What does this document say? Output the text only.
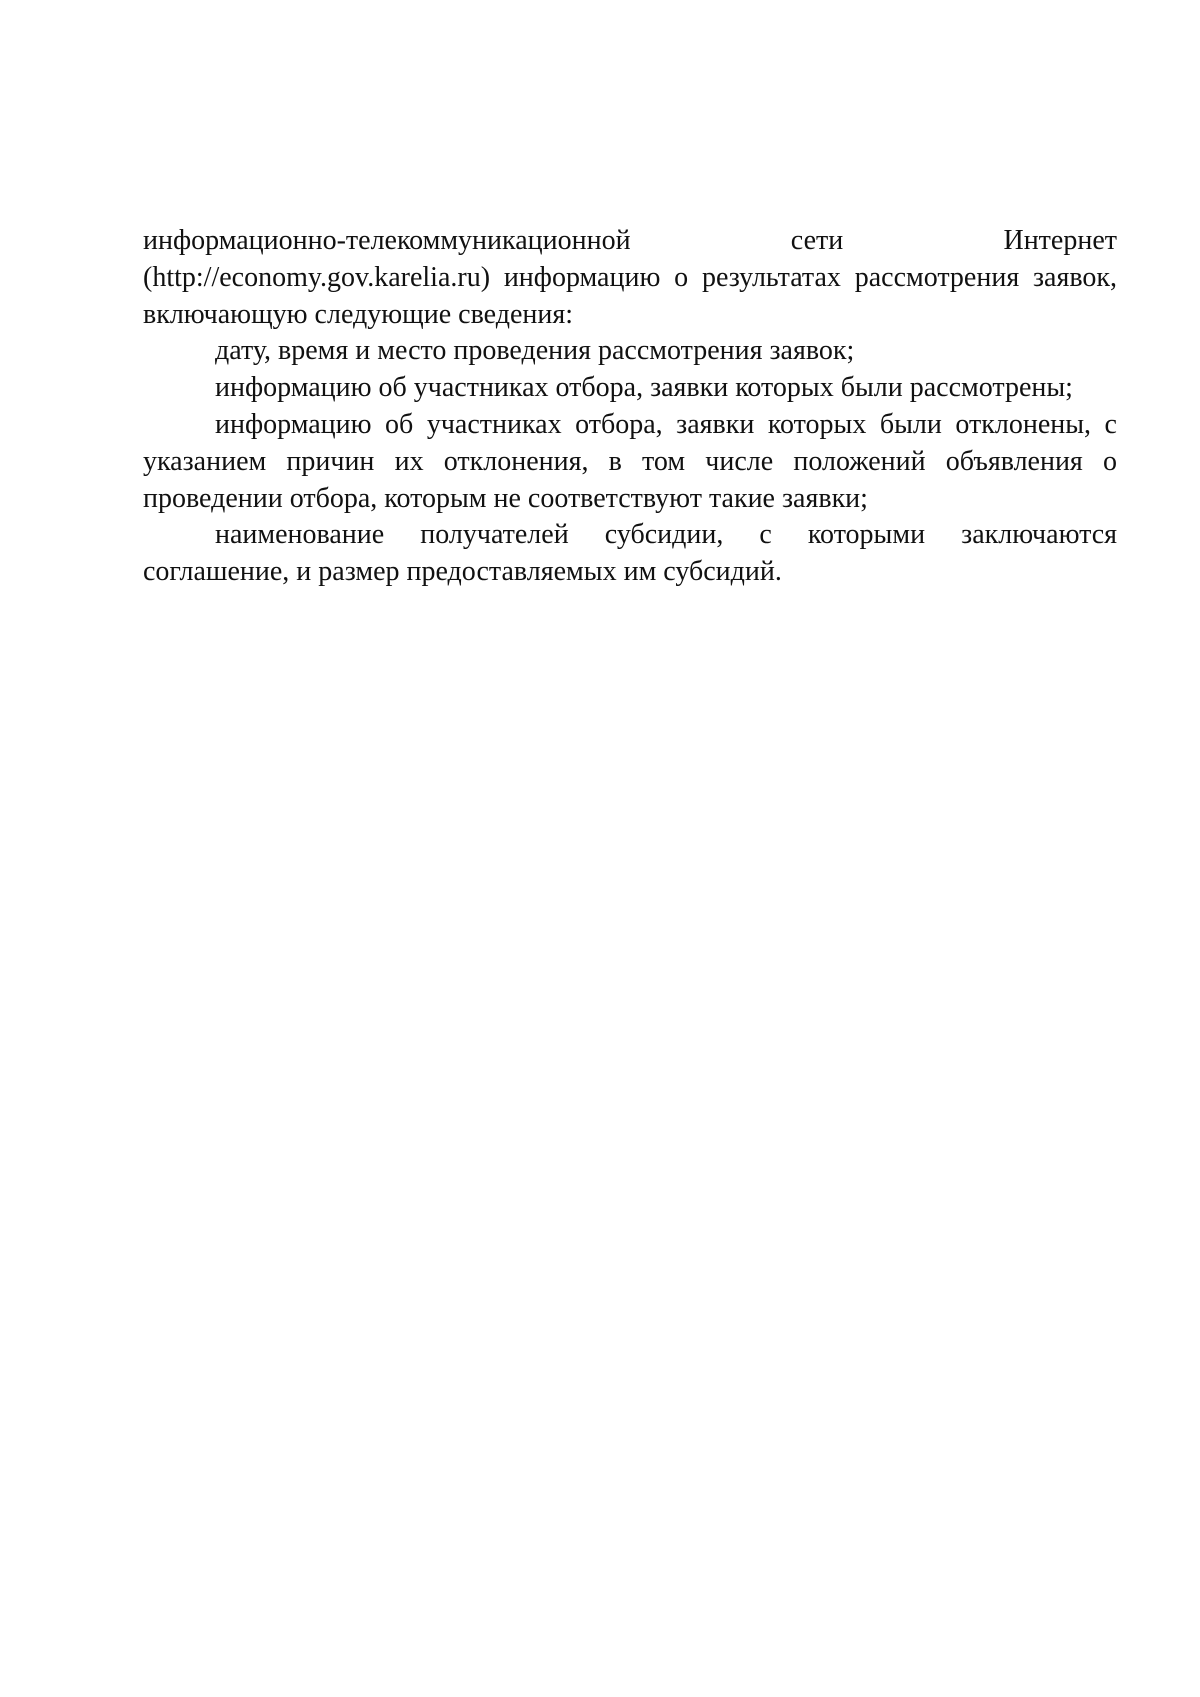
информационно-телекоммуникационной сети Интернет (http://economy.gov.karelia.ru) информацию о результатах рассмотрения заявок, включающую следующие сведения:

дату, время и место проведения рассмотрения заявок;

информацию об участниках отбора, заявки которых были рассмотрены;

информацию об участниках отбора, заявки которых были отклонены, с указанием причин их отклонения, в том числе положений объявления о проведении отбора, которым не соответствуют такие заявки;

наименование получателей субсидии, с которыми заключаются соглашение, и размер предоставляемых им субсидий.
